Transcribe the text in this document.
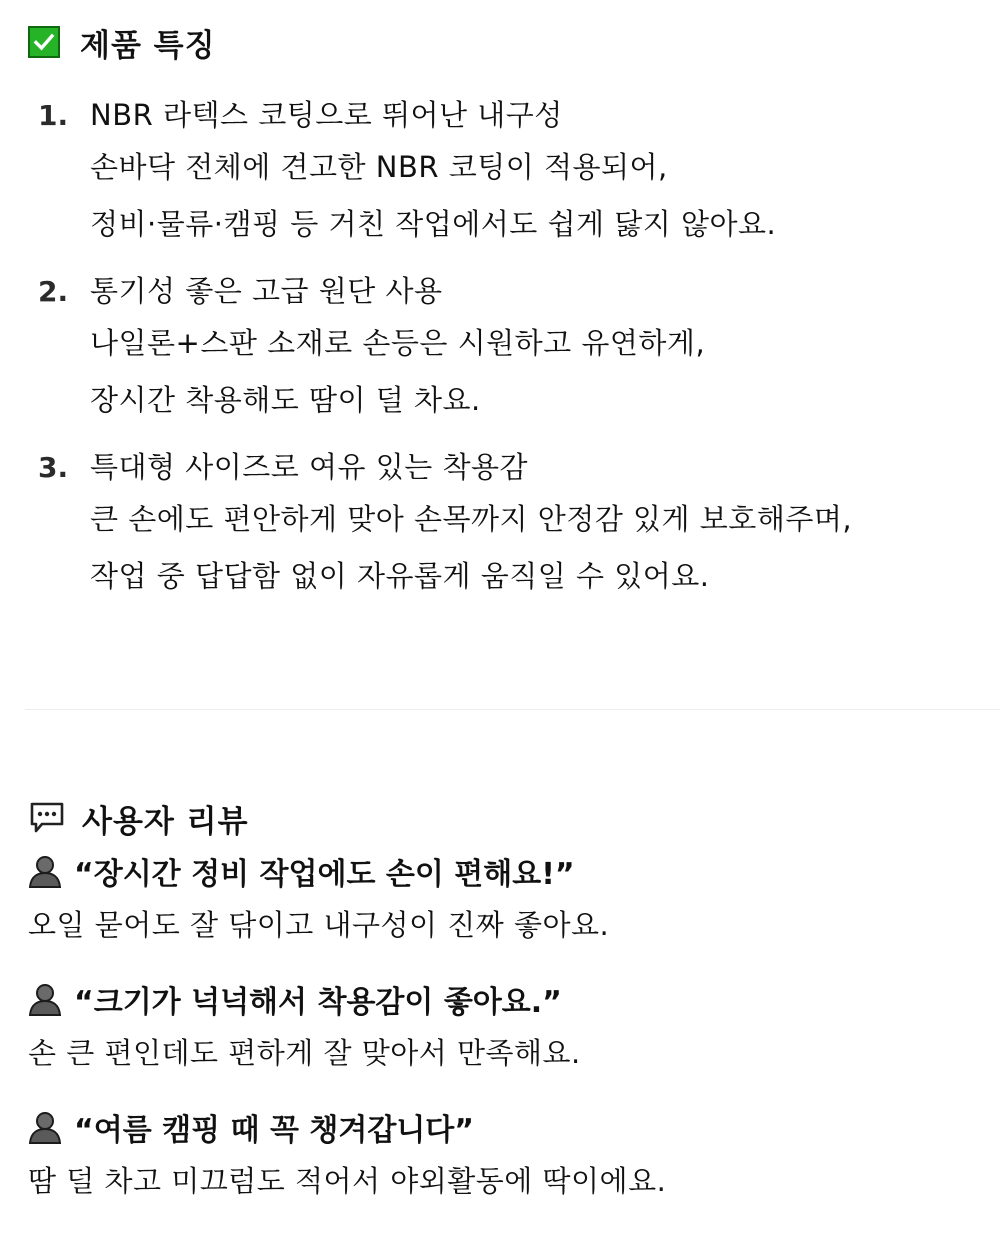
제품 특징
1. NBR 라텍스 코팅으로 뛰어난 내구성
손바닥 전체에 견고한 NBR 코팅이 적용되어,
정비·물류·캠핑 등 거친 작업에서도 쉽게 닳지 않아요.
2. 통기성 좋은 고급 원단 사용
나일론+스판 소재로 손등은 시원하고 유연하게,
장시간 착용해도 땀이 덜 차요.
3. 특대형 사이즈로 여유 있는 착용감
큰 손에도 편안하게 맞아 손목까지 안정감 있게 보호해주며,
작업 중 답답함 없이 자유롭게 움직일 수 있어요.
사용자 리뷰
“장시간 정비 작업에도 손이 편해요!”
오일 묻어도 잘 닦이고 내구성이 진짜 좋아요.
“크기가 넉넉해서 착용감이 좋아요.”
손 큰 편인데도 편하게 잘 맞아서 만족해요.
“여름 캠핑 때 꼭 챙겨갑니다”
땀 덜 차고 미끄럼도 적어서 야외활동에 딱이에요.
